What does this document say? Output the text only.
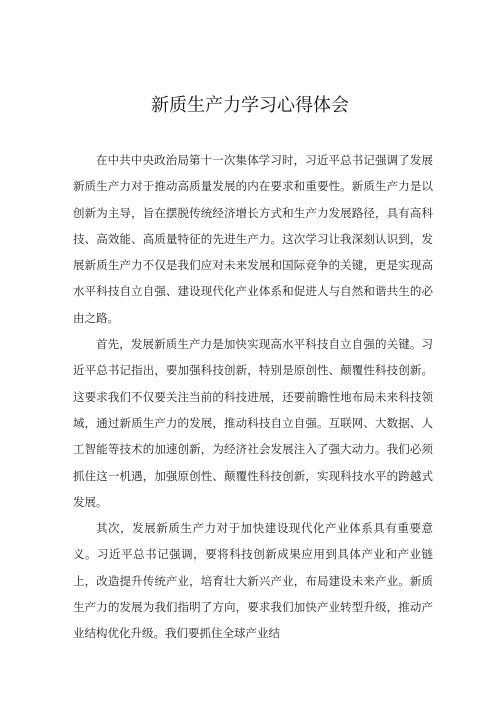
新质生产力学习心得体会

在中共中央政治局第十一次集体学习时，习近平总书记强调了发展新质生产力对于推动高质量发展的内在要求和重要性。新质生产力是以创新为主导，旨在摆脱传统经济增长方式和生产力发展路径，具有高科技、高效能、高质量特征的先进生产力。这次学习让我深刻认识到，发展新质生产力不仅是我们应对未来发展和国际竞争的关键，更是实现高水平科技自立自强、建设现代化产业体系和促进人与自然和谐共生的必由之路。

首先，发展新质生产力是加快实现高水平科技自立自强的关键。习近平总书记指出，要加强科技创新，特别是原创性、颠覆性科技创新。这要求我们不仅要关注当前的科技进展，还要前瞻性地布局未来科技领域，通过新质生产力的发展，推动科技自立自强。互联网、大数据、人工智能等技术的加速创新，为经济社会发展注入了强大动力。我们必须抓住这一机遇，加强原创性、颠覆性科技创新，实现科技水平的跨越式发展。

其次，发展新质生产力对于加快建设现代化产业体系具有重要意义。习近平总书记强调，要将科技创新成果应用到具体产业和产业链上，改造提升传统产业，培育壮大新兴产业，布局建设未来产业。新质生产力的发展为我们指明了方向，要求我们加快产业转型升级，推动产业结构优化升级。我们要抓住全球产业结
